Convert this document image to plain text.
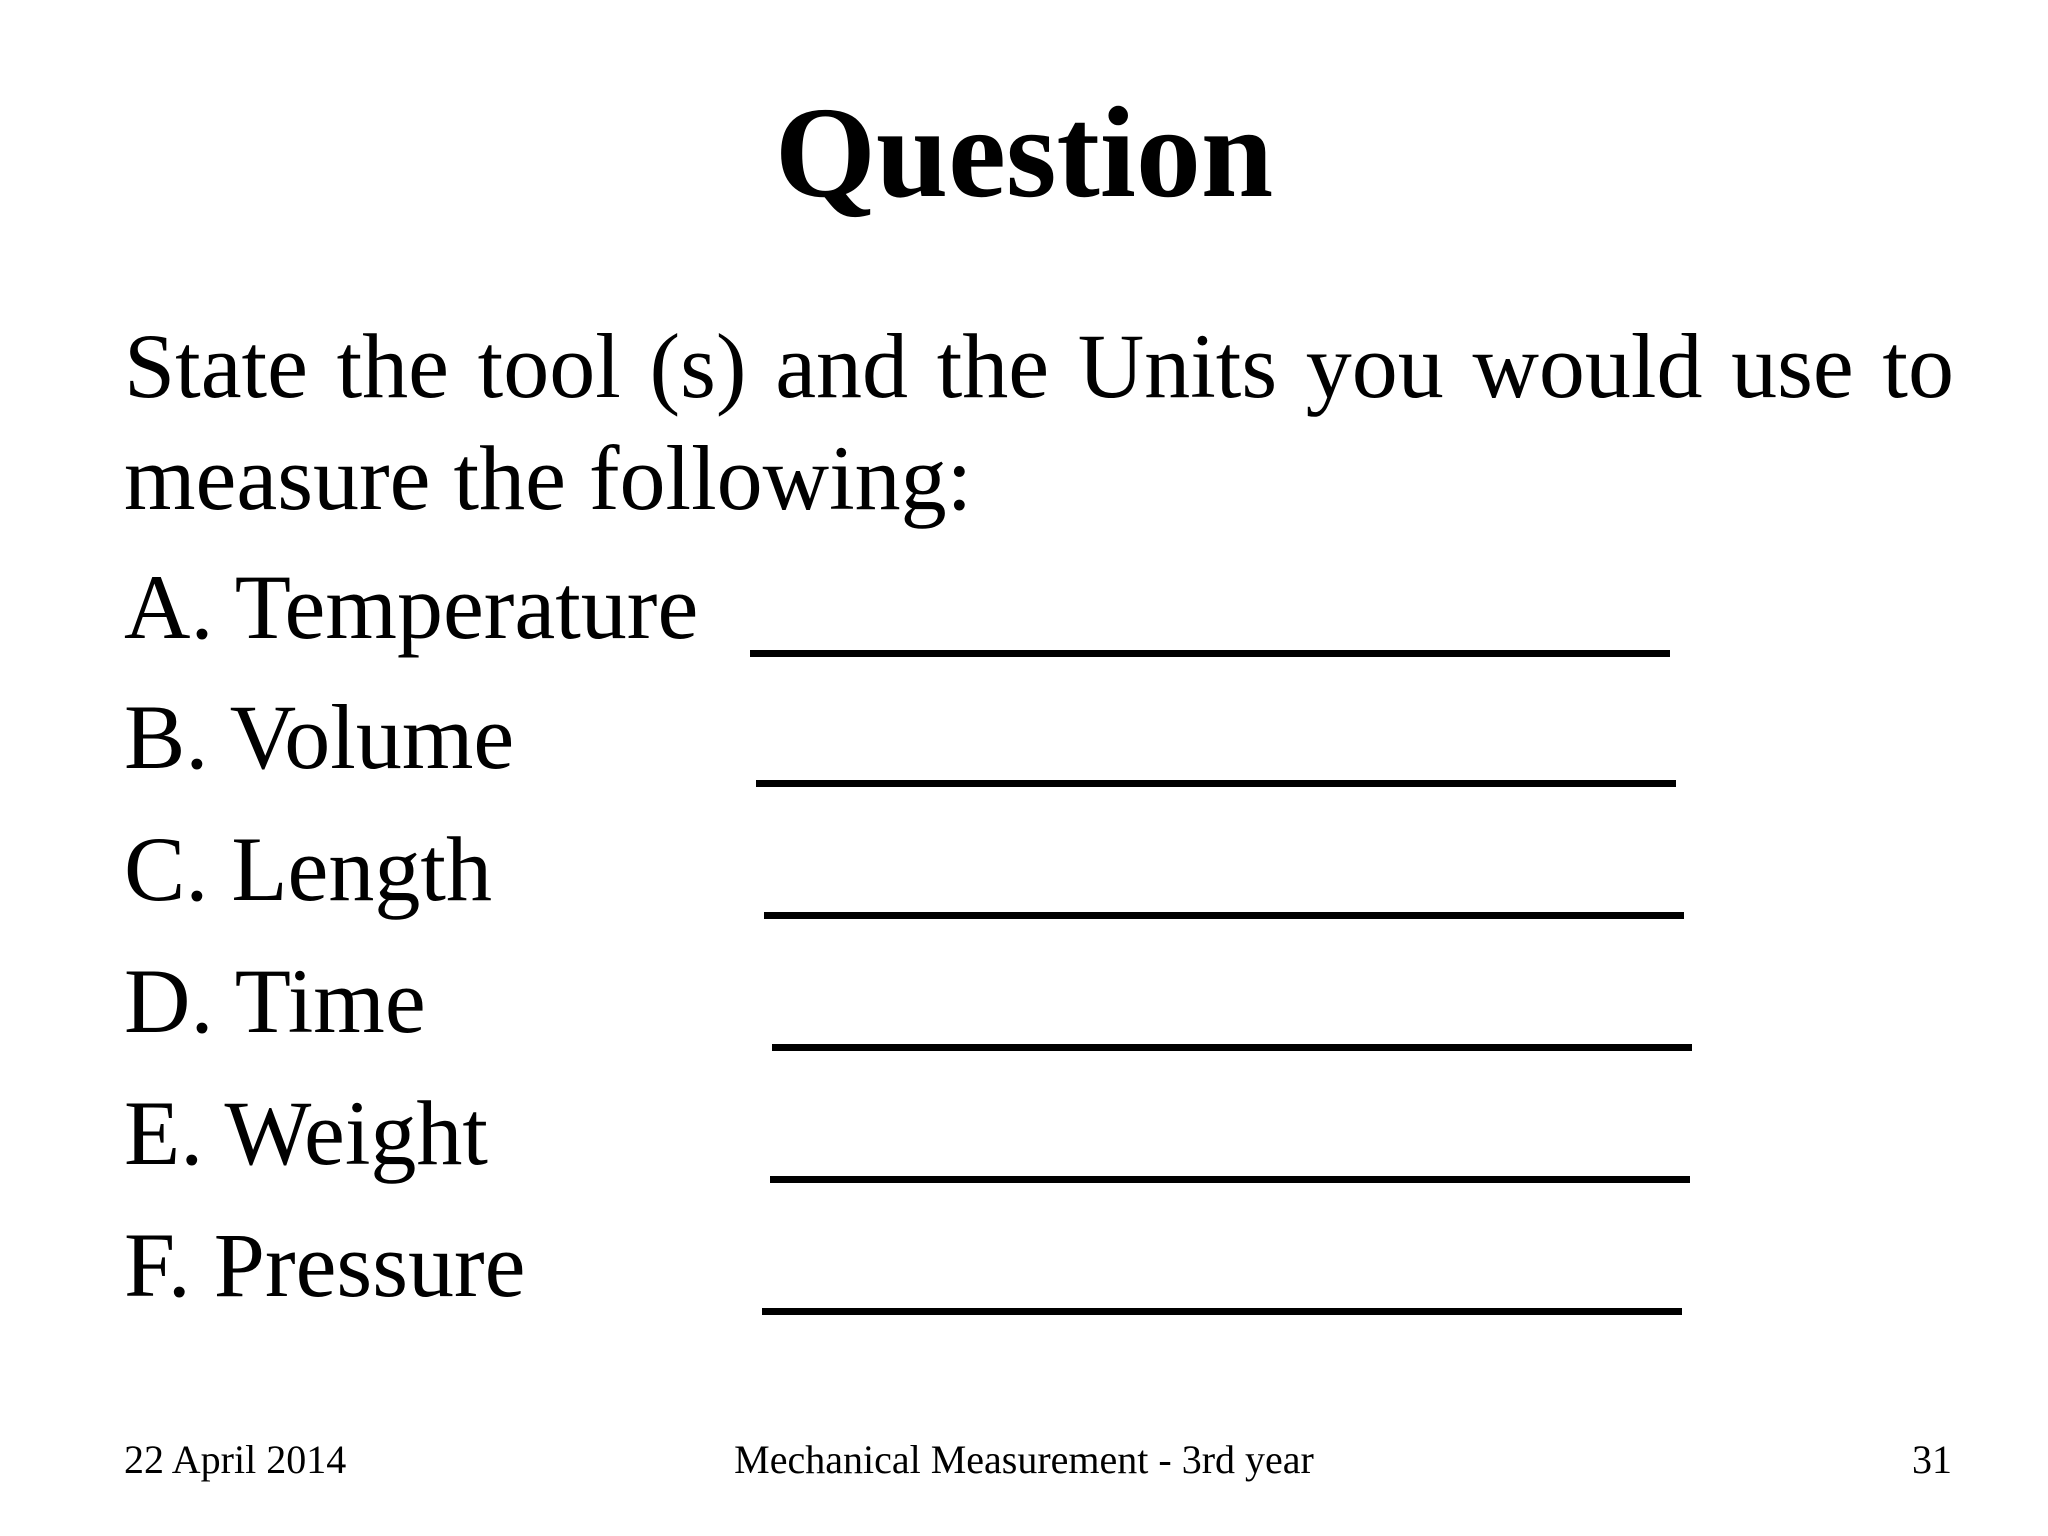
Question

State the tool (s) and the Units you would use to measure the following:

A. Temperature
B. Volume
C. Length
D. Time
E. Weight
F. Pressure
22 April 2014	Mechanical Measurement - 3rd year	31
